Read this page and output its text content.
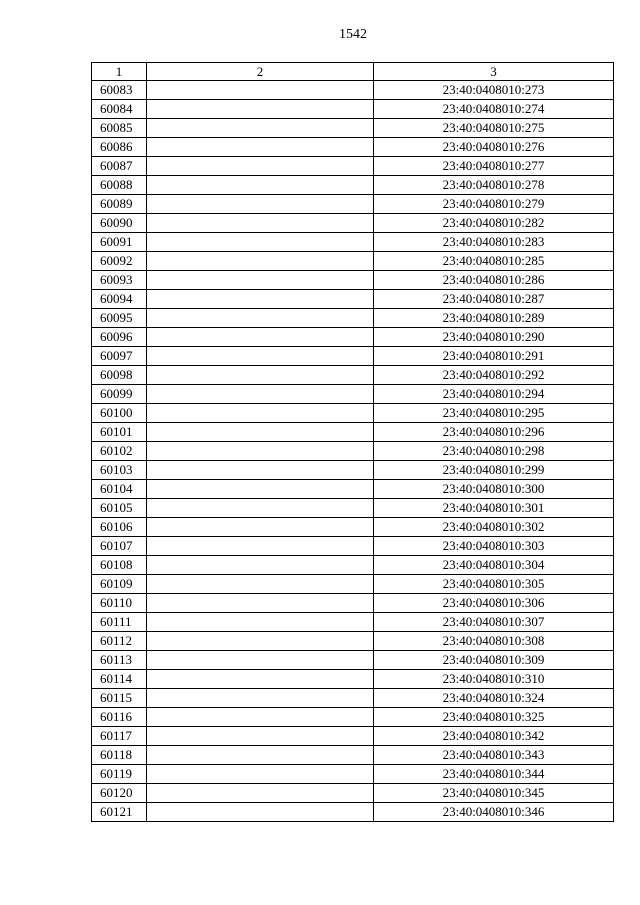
1542
1	2	3
60083		23:40:0408010:273
60084		23:40:0408010:274
60085		23:40:0408010:275
60086		23:40:0408010:276
60087		23:40:0408010:277
60088		23:40:0408010:278
60089		23:40:0408010:279
60090		23:40:0408010:282
60091		23:40:0408010:283
60092		23:40:0408010:285
60093		23:40:0408010:286
60094		23:40:0408010:287
60095		23:40:0408010:289
60096		23:40:0408010:290
60097		23:40:0408010:291
60098		23:40:0408010:292
60099		23:40:0408010:294
60100		23:40:0408010:295
60101		23:40:0408010:296
60102		23:40:0408010:298
60103		23:40:0408010:299
60104		23:40:0408010:300
60105		23:40:0408010:301
60106		23:40:0408010:302
60107		23:40:0408010:303
60108		23:40:0408010:304
60109		23:40:0408010:305
60110		23:40:0408010:306
60111		23:40:0408010:307
60112		23:40:0408010:308
60113		23:40:0408010:309
60114		23:40:0408010:310
60115		23:40:0408010:324
60116		23:40:0408010:325
60117		23:40:0408010:342
60118		23:40:0408010:343
60119		23:40:0408010:344
60120		23:40:0408010:345
60121		23:40:0408010:346
